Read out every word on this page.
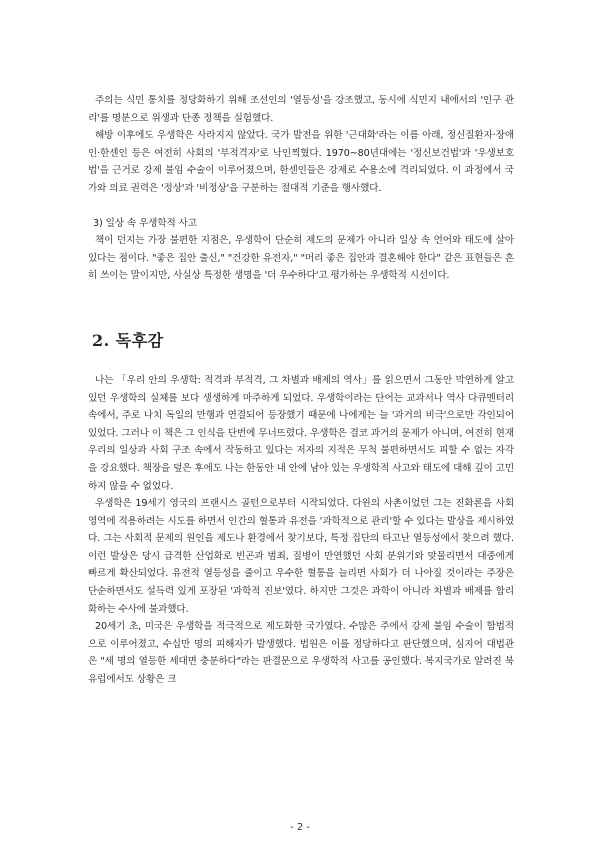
주의는 식민 통치를 정당화하기 위해 조선인의 '열등성'을 강조했고, 동시에 식민지 내에서의 '인구 관리'를 명분으로 위생과 단종 정책을 실험했다.

해방 이후에도 우생학은 사라지지 않았다. 국가 발전을 위한 '근대화'라는 이름 아래, 정신질환자·장애인·한센인 등은 여전히 사회의 '부적격자'로 낙인찍혔다. 1970~80년대에는 '정신보건법'과 '우생보호법'을 근거로 강제 불임 수술이 이루어졌으며, 한센인들은 강제로 수용소에 격리되었다. 이 과정에서 국가와 의료 권력은 '정상'과 '비정상'을 구분하는 절대적 기준을 행사했다.

3) 일상 속 우생학적 사고

책이 던지는 가장 불편한 지점은, 우생학이 단순히 제도의 문제가 아니라 일상 속 언어와 태도에 살아 있다는 점이다. "좋은 집안 출신," "건강한 유전자," "머리 좋은 집안과 결혼해야 한다" 같은 표현들은 흔히 쓰이는 말이지만, 사실상 특정한 생명을 '더 우수하다'고 평가하는 우생학적 시선이다.

2. 독후감

나는 「우리 안의 우생학: 적격과 부적격, 그 차별과 배제의 역사」를 읽으면서 그동안 막연하게 알고 있던 우생학의 실체를 보다 생생하게 마주하게 되었다. 우생학이라는 단어는 교과서나 역사 다큐멘터리 속에서, 주로 나치 독일의 만행과 연결되어 등장했기 때문에 나에게는 늘 '과거의 비극'으로만 각인되어 있었다. 그러나 이 책은 그 인식을 단번에 무너뜨렸다. 우생학은 결코 과거의 문제가 아니며, 여전히 현재 우리의 일상과 사회 구조 속에서 작동하고 있다는 저자의 지적은 무척 불편하면서도 피할 수 없는 자각을 강요했다. 책장을 덮은 후에도 나는 한동안 내 안에 남아 있는 우생학적 사고와 태도에 대해 깊이 고민하지 않을 수 없었다.

우생학은 19세기 영국의 프랜시스 골턴으로부터 시작되었다. 다윈의 사촌이었던 그는 진화론을 사회 영역에 적용하려는 시도를 하면서 인간의 혈통과 유전을 '과학적으로 관리'할 수 있다는 발상을 제시하였다. 그는 사회적 문제의 원인을 제도나 환경에서 찾기보다, 특정 집단의 타고난 열등성에서 찾으려 했다. 이런 발상은 당시 급격한 산업화로 빈곤과 범죄, 질병이 만연했던 사회 분위기와 맞물리면서 대중에게 빠르게 확산되었다. 유전적 열등성을 줄이고 우수한 혈통을 늘리면 사회가 더 나아질 것이라는 주장은 단순하면서도 설득력 있게 포장된 '과학적 진보'였다. 하지만 그것은 과학이 아니라 차별과 배제를 합리화하는 수사에 불과했다.

20세기 초, 미국은 우생학을 적극적으로 제도화한 국가였다. 수많은 주에서 강제 불임 수술이 합법적으로 이루어졌고, 수십만 명의 피해자가 발생했다. 법원은 이를 정당하다고 판단했으며, 심지어 대법관은 "세 명의 열등한 세대면 충분하다"라는 판결문으로 우생학적 사고를 공인했다. 복지국가로 알려진 북유럽에서도 상황은 크

- 2 -
